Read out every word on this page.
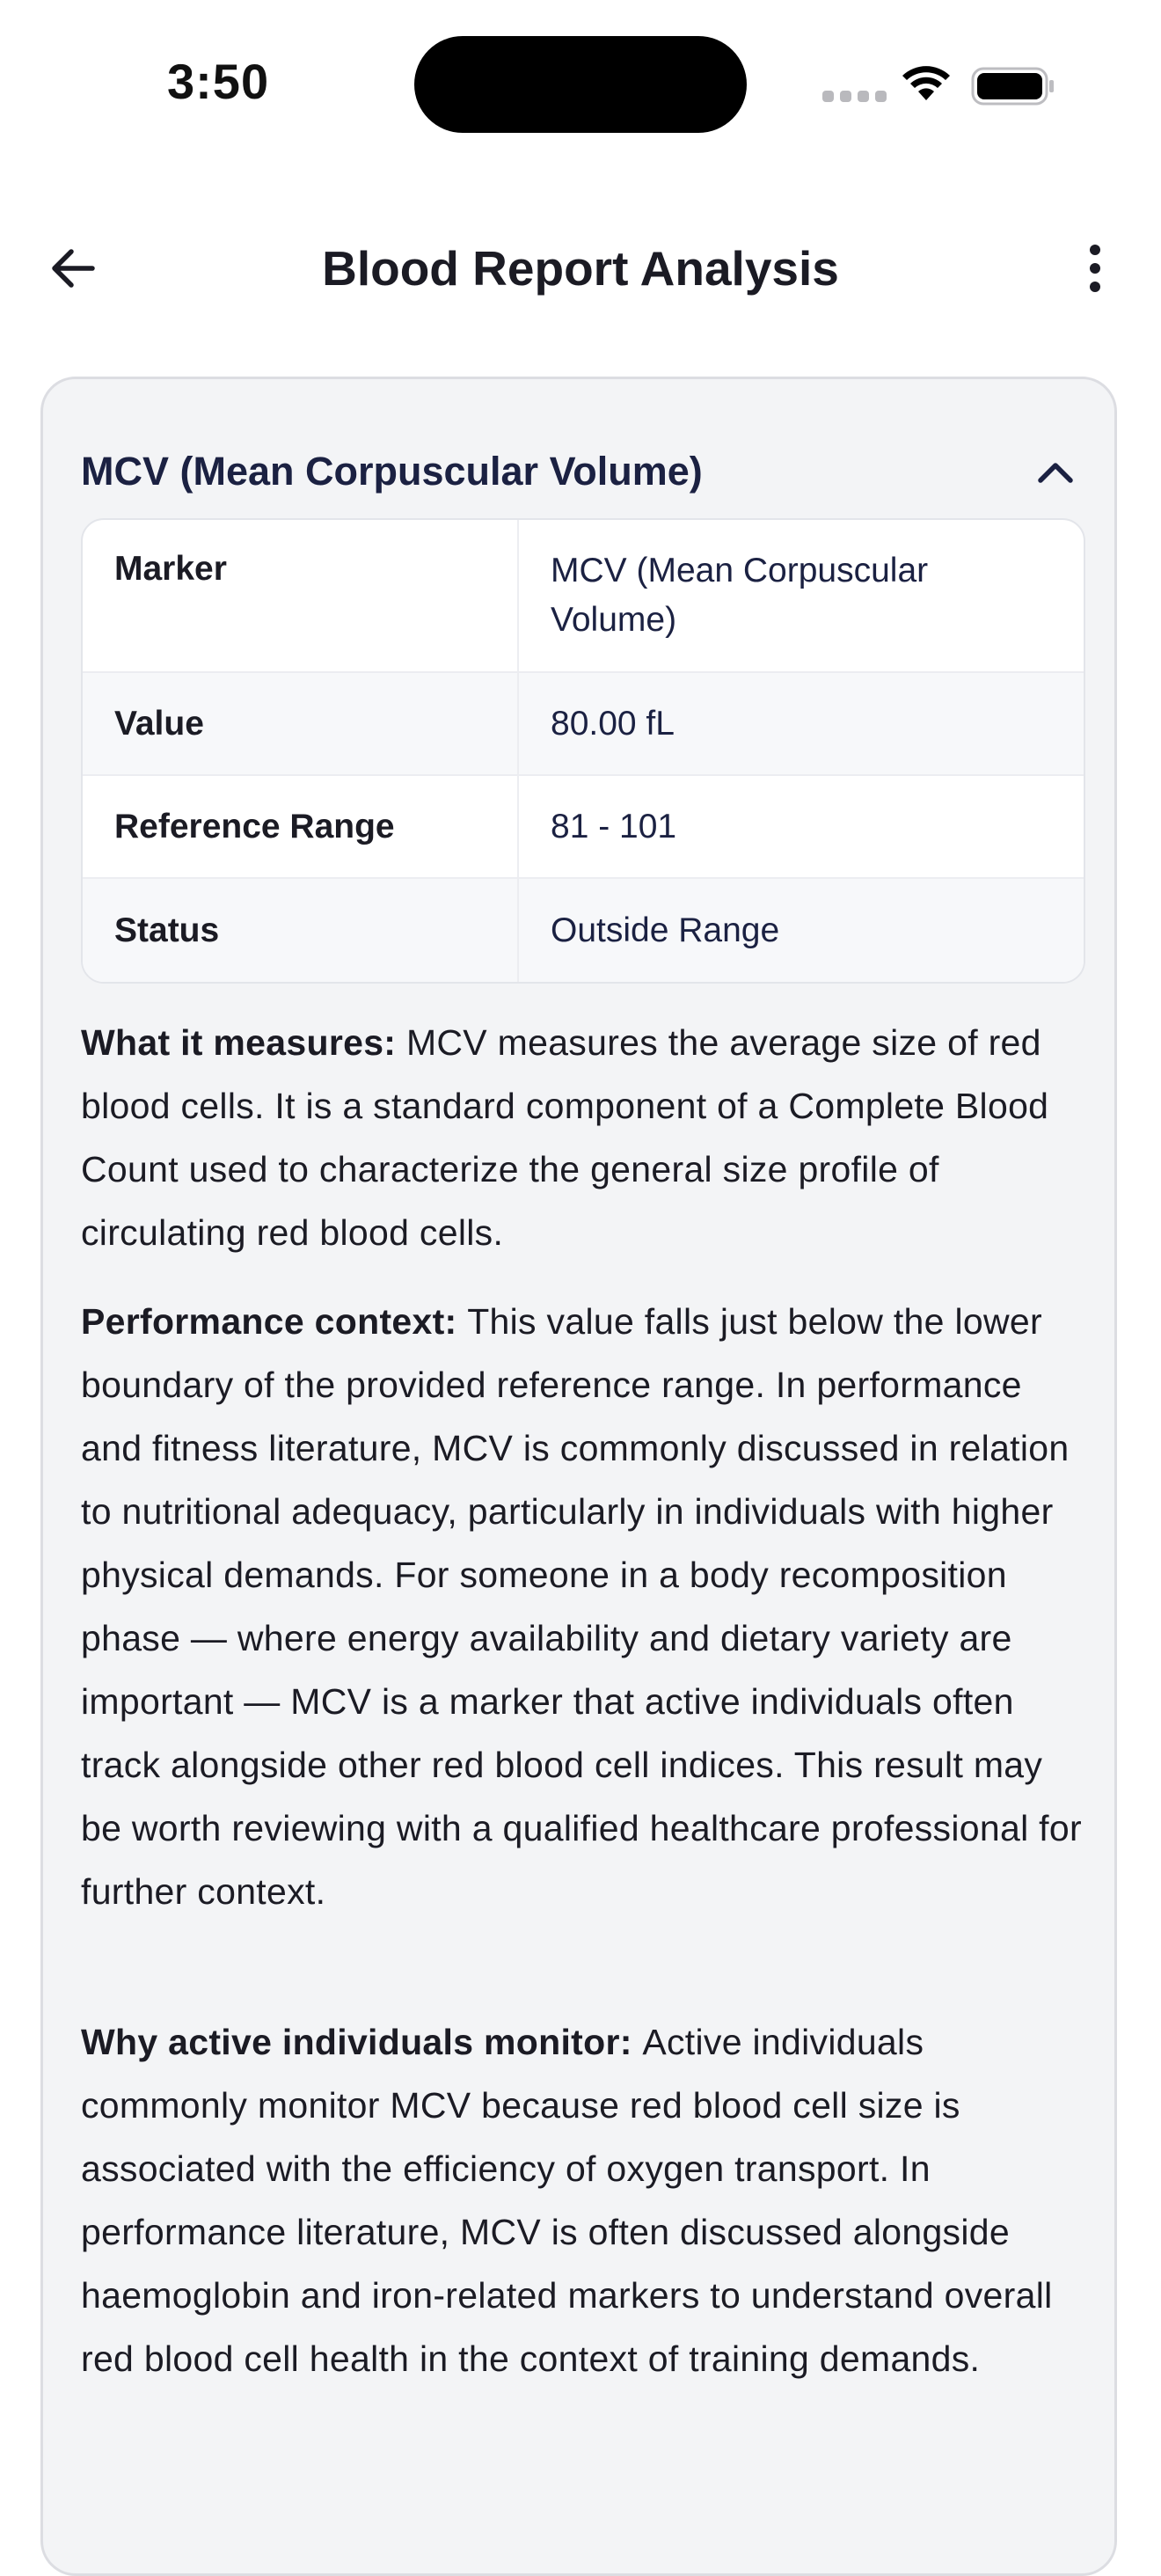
3:50
Blood Report Analysis
MCV (Mean Corpuscular Volume)
Marker	MCV (Mean Corpuscular Volume)
Value	80.00 fL
Reference Range	81 - 101
Status	Outside Range
What it measures: MCV measures the average size of red blood cells. It is a standard component of a Complete Blood Count used to characterize the general size profile of circulating red blood cells.
Performance context: This value falls just below the lower boundary of the provided reference range. In performance and fitness literature, MCV is commonly discussed in relation to nutritional adequacy, particularly in individuals with higher physical demands. For someone in a body recomposition phase — where energy availability and dietary variety are important — MCV is a marker that active individuals often track alongside other red blood cell indices. This result may be worth reviewing with a qualified healthcare professional for further context.
Why active individuals monitor: Active individuals commonly monitor MCV because red blood cell size is associated with the efficiency of oxygen transport. In performance literature, MCV is often discussed alongside haemoglobin and iron-related markers to understand overall red blood cell health in the context of training demands.
